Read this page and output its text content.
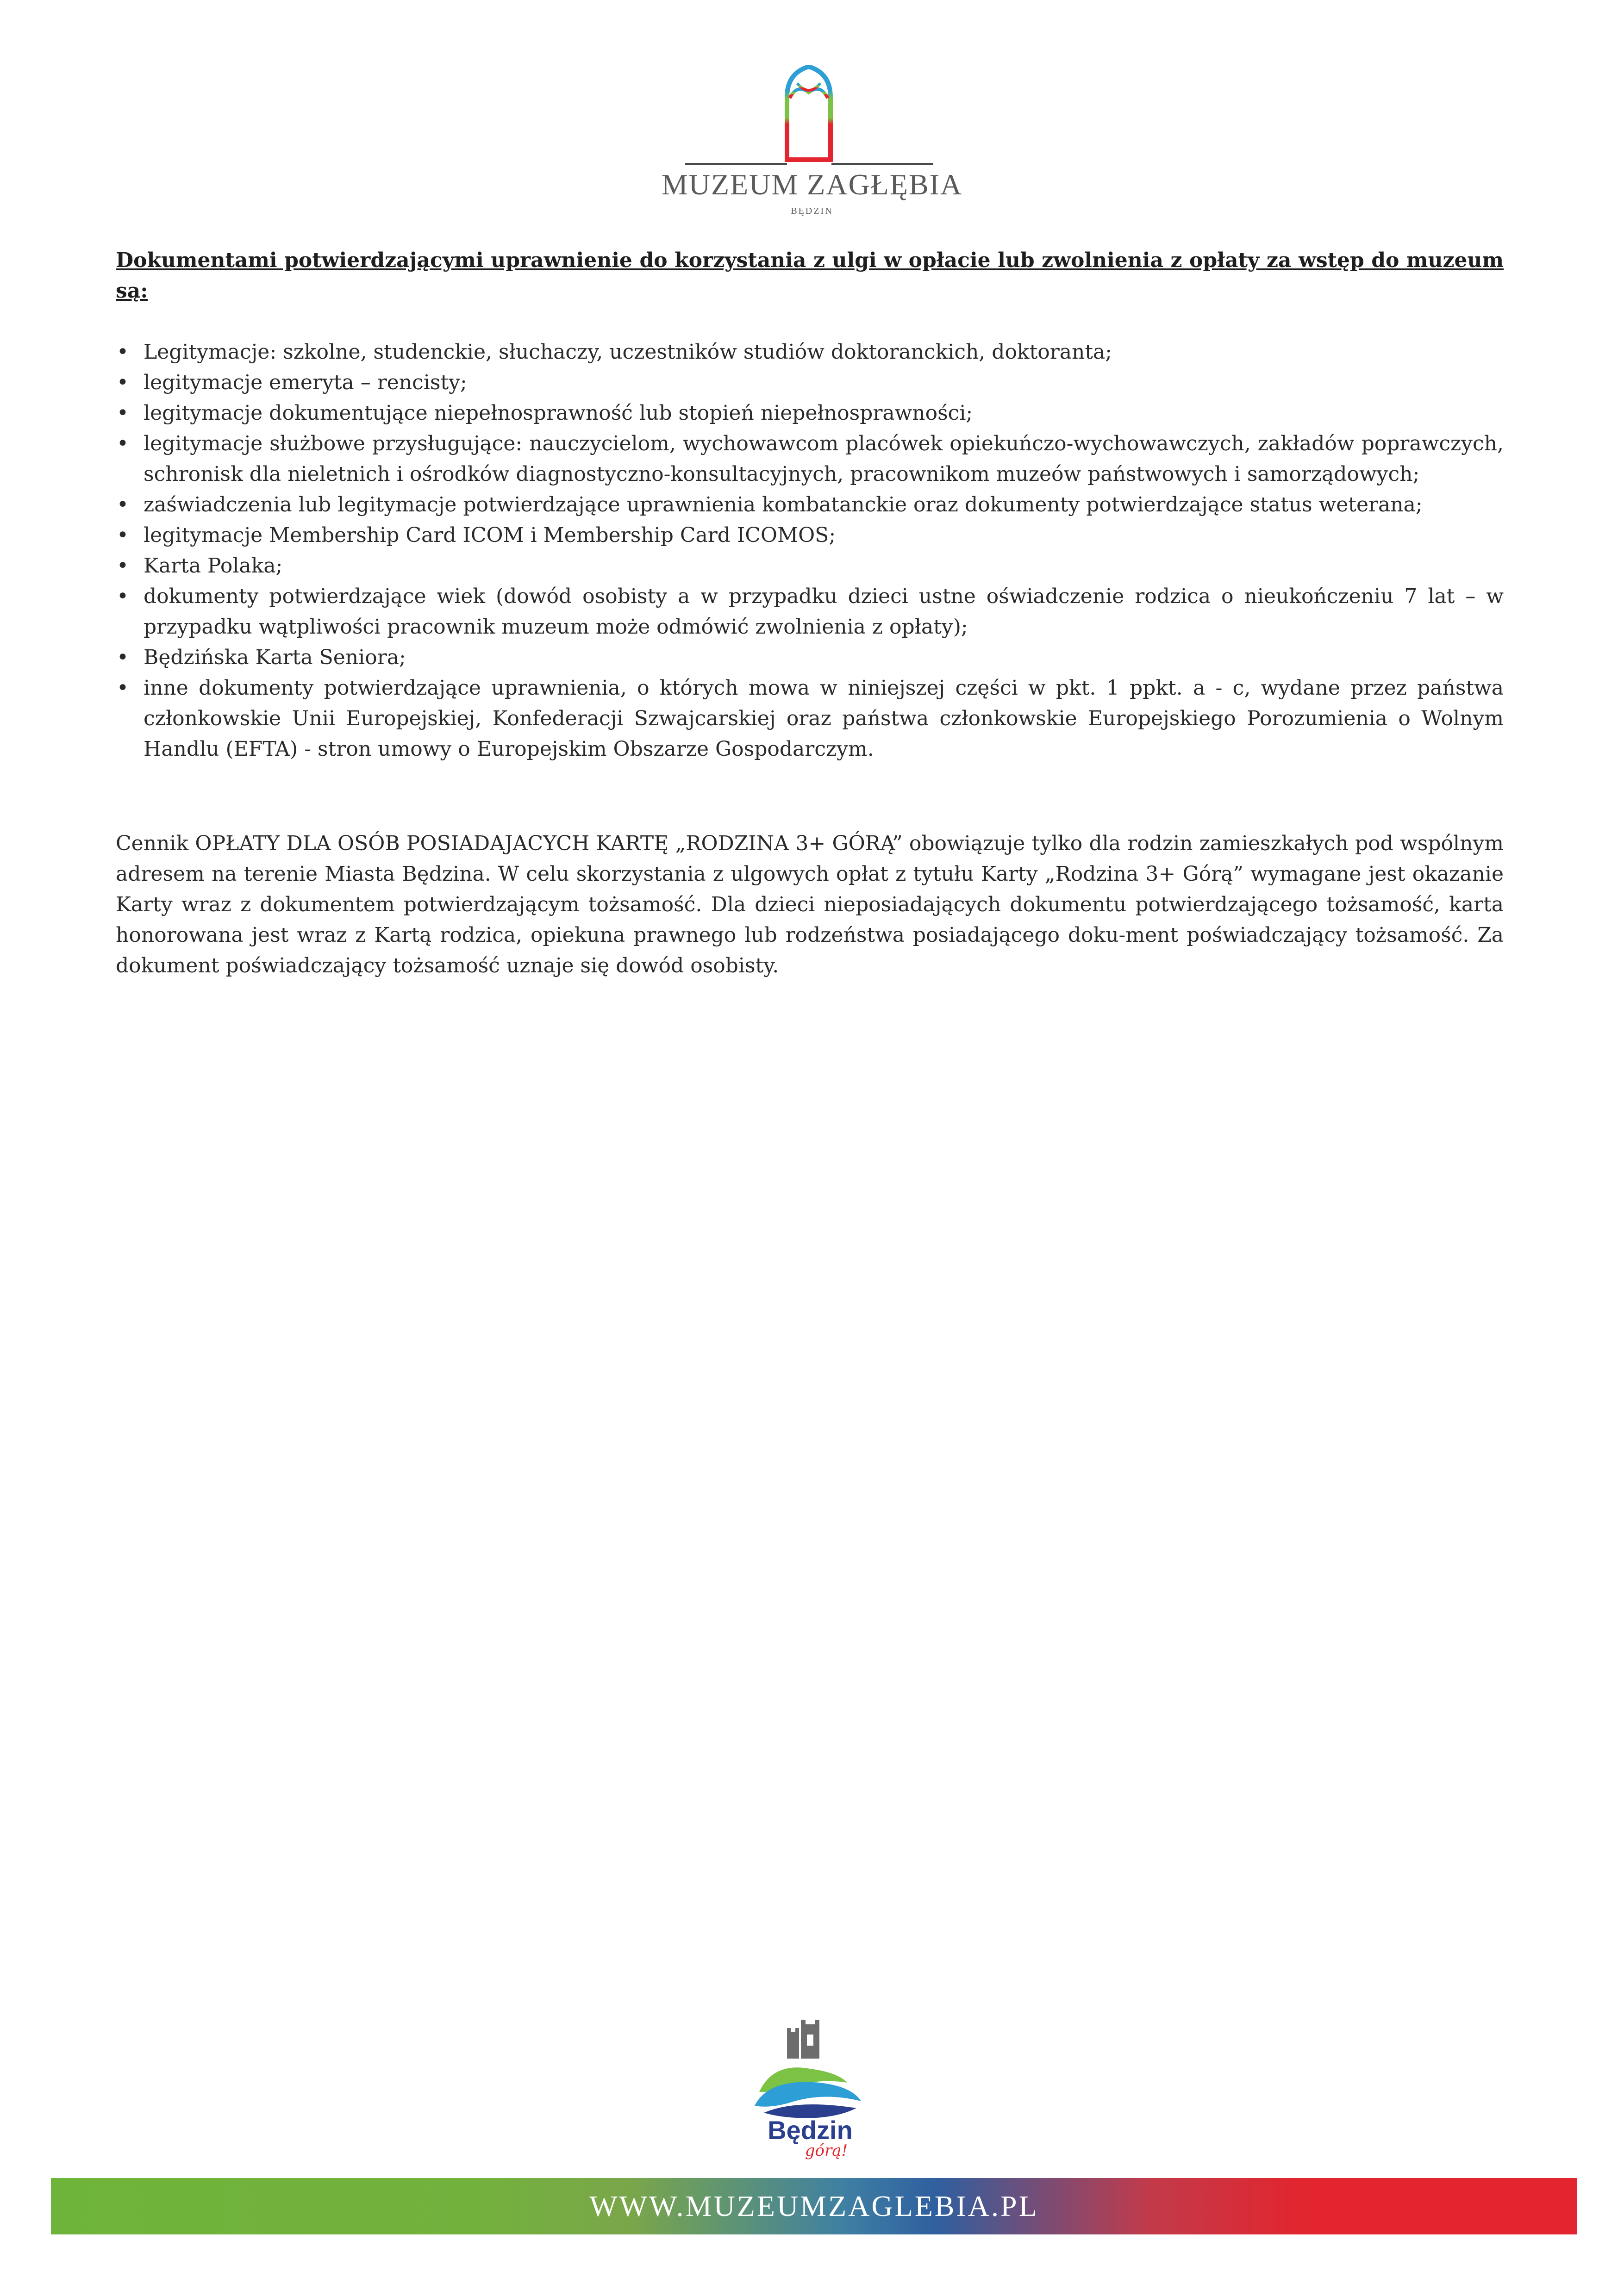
MUZEUM ZAGŁĘBIA
BĘDZIN

Dokumentami potwierdzającymi uprawnienie do korzystania z ulgi w opłacie lub zwolnienia z opłaty za wstęp do muzeum są:

• Legitymacje: szkolne, studenckie, słuchaczy, uczestników studiów doktoranckich, doktoranta;
• legitymacje emeryta – rencisty;
• legitymacje dokumentujące niepełnosprawność lub stopień niepełnosprawności;
• legitymacje służbowe przysługujące: nauczycielom, wychowawcom placówek opiekuńczo-wychowawczych, zakładów poprawczych, schronisk dla nieletnich i ośrodków diagnostyczno-konsultacyjnych, pracownikom muzeów państwowych i samorządowych;
• zaświadczenia lub legitymacje potwierdzające uprawnienia kombatanckie oraz dokumenty potwierdzające status weterana;
• legitymacje Membership Card ICOM i Membership Card ICOMOS;
• Karta Polaka;
• dokumenty potwierdzające wiek (dowód osobisty a w przypadku dzieci ustne oświadczenie rodzica o nieukończeniu 7 lat – w przypadku wątpliwości pracownik muzeum może odmówić zwolnienia z opłaty);
• Będzińska Karta Seniora;
• inne dokumenty potwierdzające uprawnienia, o których mowa w niniejszej części w pkt. 1 ppkt. a - c, wydane przez państwa członkowskie Unii Europejskiej, Konfederacji Szwajcarskiej oraz państwa członkowskie Europejskiego Porozumienia o Wolnym Handlu (EFTA) - stron umowy o Europejskim Obszarze Gospodarczym.

Cennik OPŁATY DLA OSÓB POSIADAJACYCH KARTĘ „RODZINA 3+ GÓRĄ” obowiązuje tylko dla rodzin zamieszkałych pod wspólnym adresem na terenie Miasta Będzina. W celu skorzystania z ulgowych opłat z tytułu Karty „Rodzina 3+ Górą” wymagane jest okazanie Karty wraz z dokumentem potwierdzającym tożsamość. Dla dzieci nieposiadających dokumentu potwierdzającego tożsamość, karta honorowana jest wraz z Kartą rodzica, opiekuna prawnego lub rodzeństwa posiadającego doku-ment poświadczający tożsamość. Za dokument poświadczający tożsamość uznaje się dowód osobisty.

Będzin
górą!
WWW.MUZEUMZAGLEBIA.PL
